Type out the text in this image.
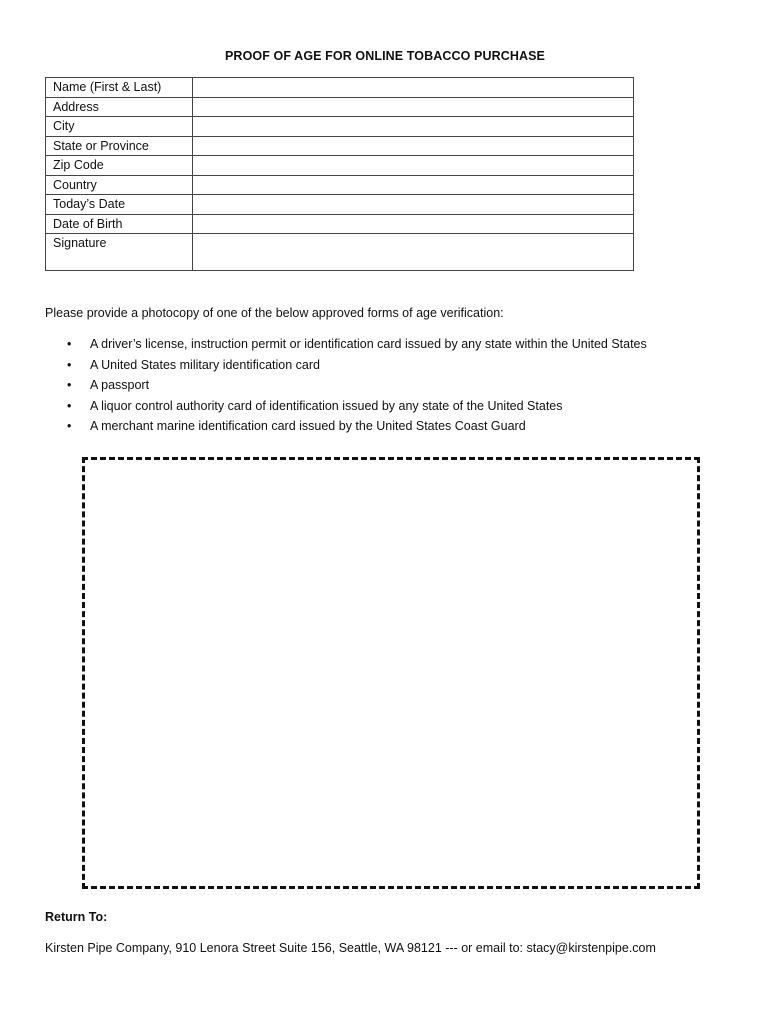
PROOF OF AGE FOR ONLINE TOBACCO PURCHASE
Name (First & Last)	
Address	
City	
State or Province	
Zip Code	
Country	
Today’s Date	
Date of Birth	
Signature	
Please provide a photocopy of one of the below approved forms of age verification:
• A driver’s license, instruction permit or identification card issued by any state within the United States
• A United States military identification card
• A passport
• A liquor control authority card of identification issued by any state of the United States
• A merchant marine identification card issued by the United States Coast Guard
Return To:
Kirsten Pipe Company, 910 Lenora Street Suite 156, Seattle, WA 98121 --- or email to: stacy@kirstenpipe.com
